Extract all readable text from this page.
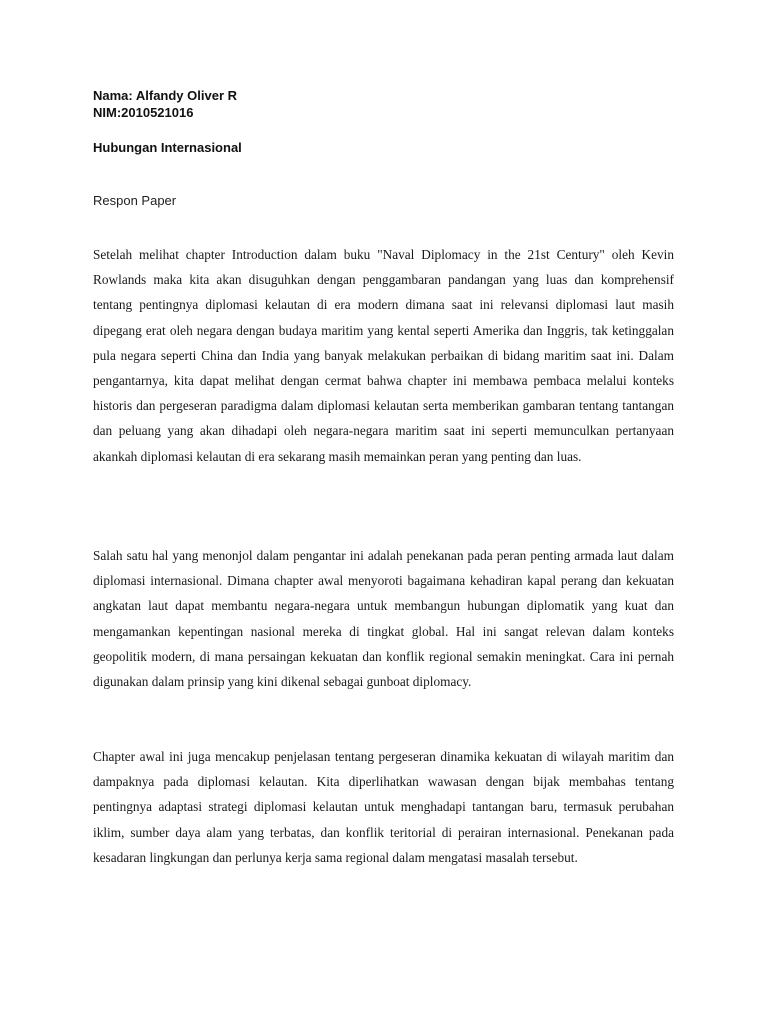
Nama: Alfandy Oliver R
NIM:2010521016
Hubungan Internasional
Respon Paper

Setelah melihat chapter Introduction dalam buku "Naval Diplomacy in the 21st Century" oleh Kevin Rowlands maka kita akan disuguhkan dengan penggambaran pandangan yang luas dan komprehensif tentang pentingnya diplomasi kelautan di era modern dimana saat ini relevansi diplomasi laut masih dipegang erat oleh negara dengan budaya maritim yang kental seperti Amerika dan Inggris, tak ketinggalan pula negara seperti China dan India yang banyak melakukan perbaikan di bidang maritim saat ini. Dalam pengantarnya, kita dapat melihat dengan cermat bahwa chapter ini membawa pembaca melalui konteks historis dan pergeseran paradigma dalam diplomasi kelautan serta memberikan gambaran tentang tantangan dan peluang yang akan dihadapi oleh negara-negara maritim saat ini seperti memunculkan pertanyaan akankah diplomasi kelautan di era sekarang masih memainkan peran yang penting dan luas.

Salah satu hal yang menonjol dalam pengantar ini adalah penekanan pada peran penting armada laut dalam diplomasi internasional. Dimana chapter awal menyoroti bagaimana kehadiran kapal perang dan kekuatan angkatan laut dapat membantu negara-negara untuk membangun hubungan diplomatik yang kuat dan mengamankan kepentingan nasional mereka di tingkat global. Hal ini sangat relevan dalam konteks geopolitik modern, di mana persaingan kekuatan dan konflik regional semakin meningkat. Cara ini pernah digunakan dalam prinsip yang kini dikenal sebagai gunboat diplomacy.

Chapter awal ini juga mencakup penjelasan tentang pergeseran dinamika kekuatan di wilayah maritim dan dampaknya pada diplomasi kelautan. Kita diperlihatkan wawasan dengan bijak membahas tentang pentingnya adaptasi strategi diplomasi kelautan untuk menghadapi tantangan baru, termasuk perubahan iklim, sumber daya alam yang terbatas, dan konflik teritorial di perairan internasional. Penekanan pada kesadaran lingkungan dan perlunya kerja sama regional dalam mengatasi masalah tersebut.
